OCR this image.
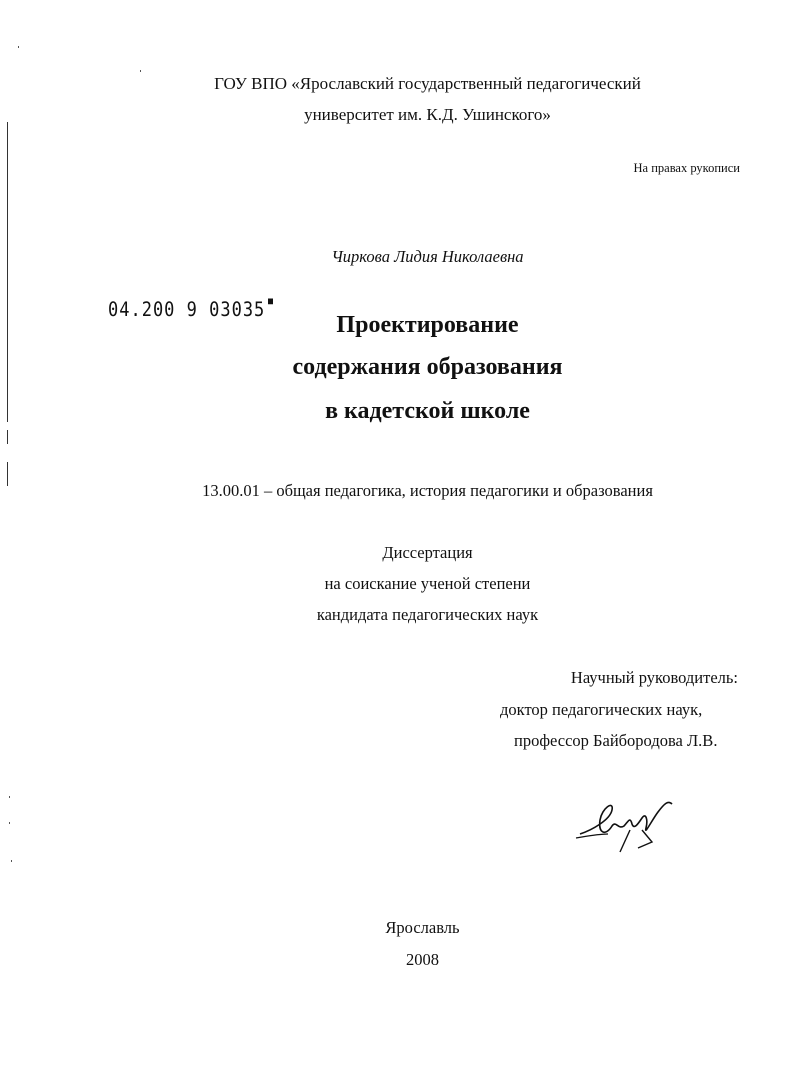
ГОУ ВПО «Ярославский государственный педагогический
университет им. К.Д. Ушинского»
На правах рукописи
Чиркова Лидия Николаевна
04.200 9 03035
Проектирование
содержания образования
в кадетской школе
13.00.01 – общая педагогика, история педагогики и образования
Диссертация
на соискание ученой степени
кандидата педагогических наук
Научный руководитель:
доктор педагогических наук,
профессор Байбородова Л.В.
Ярославль
2008
